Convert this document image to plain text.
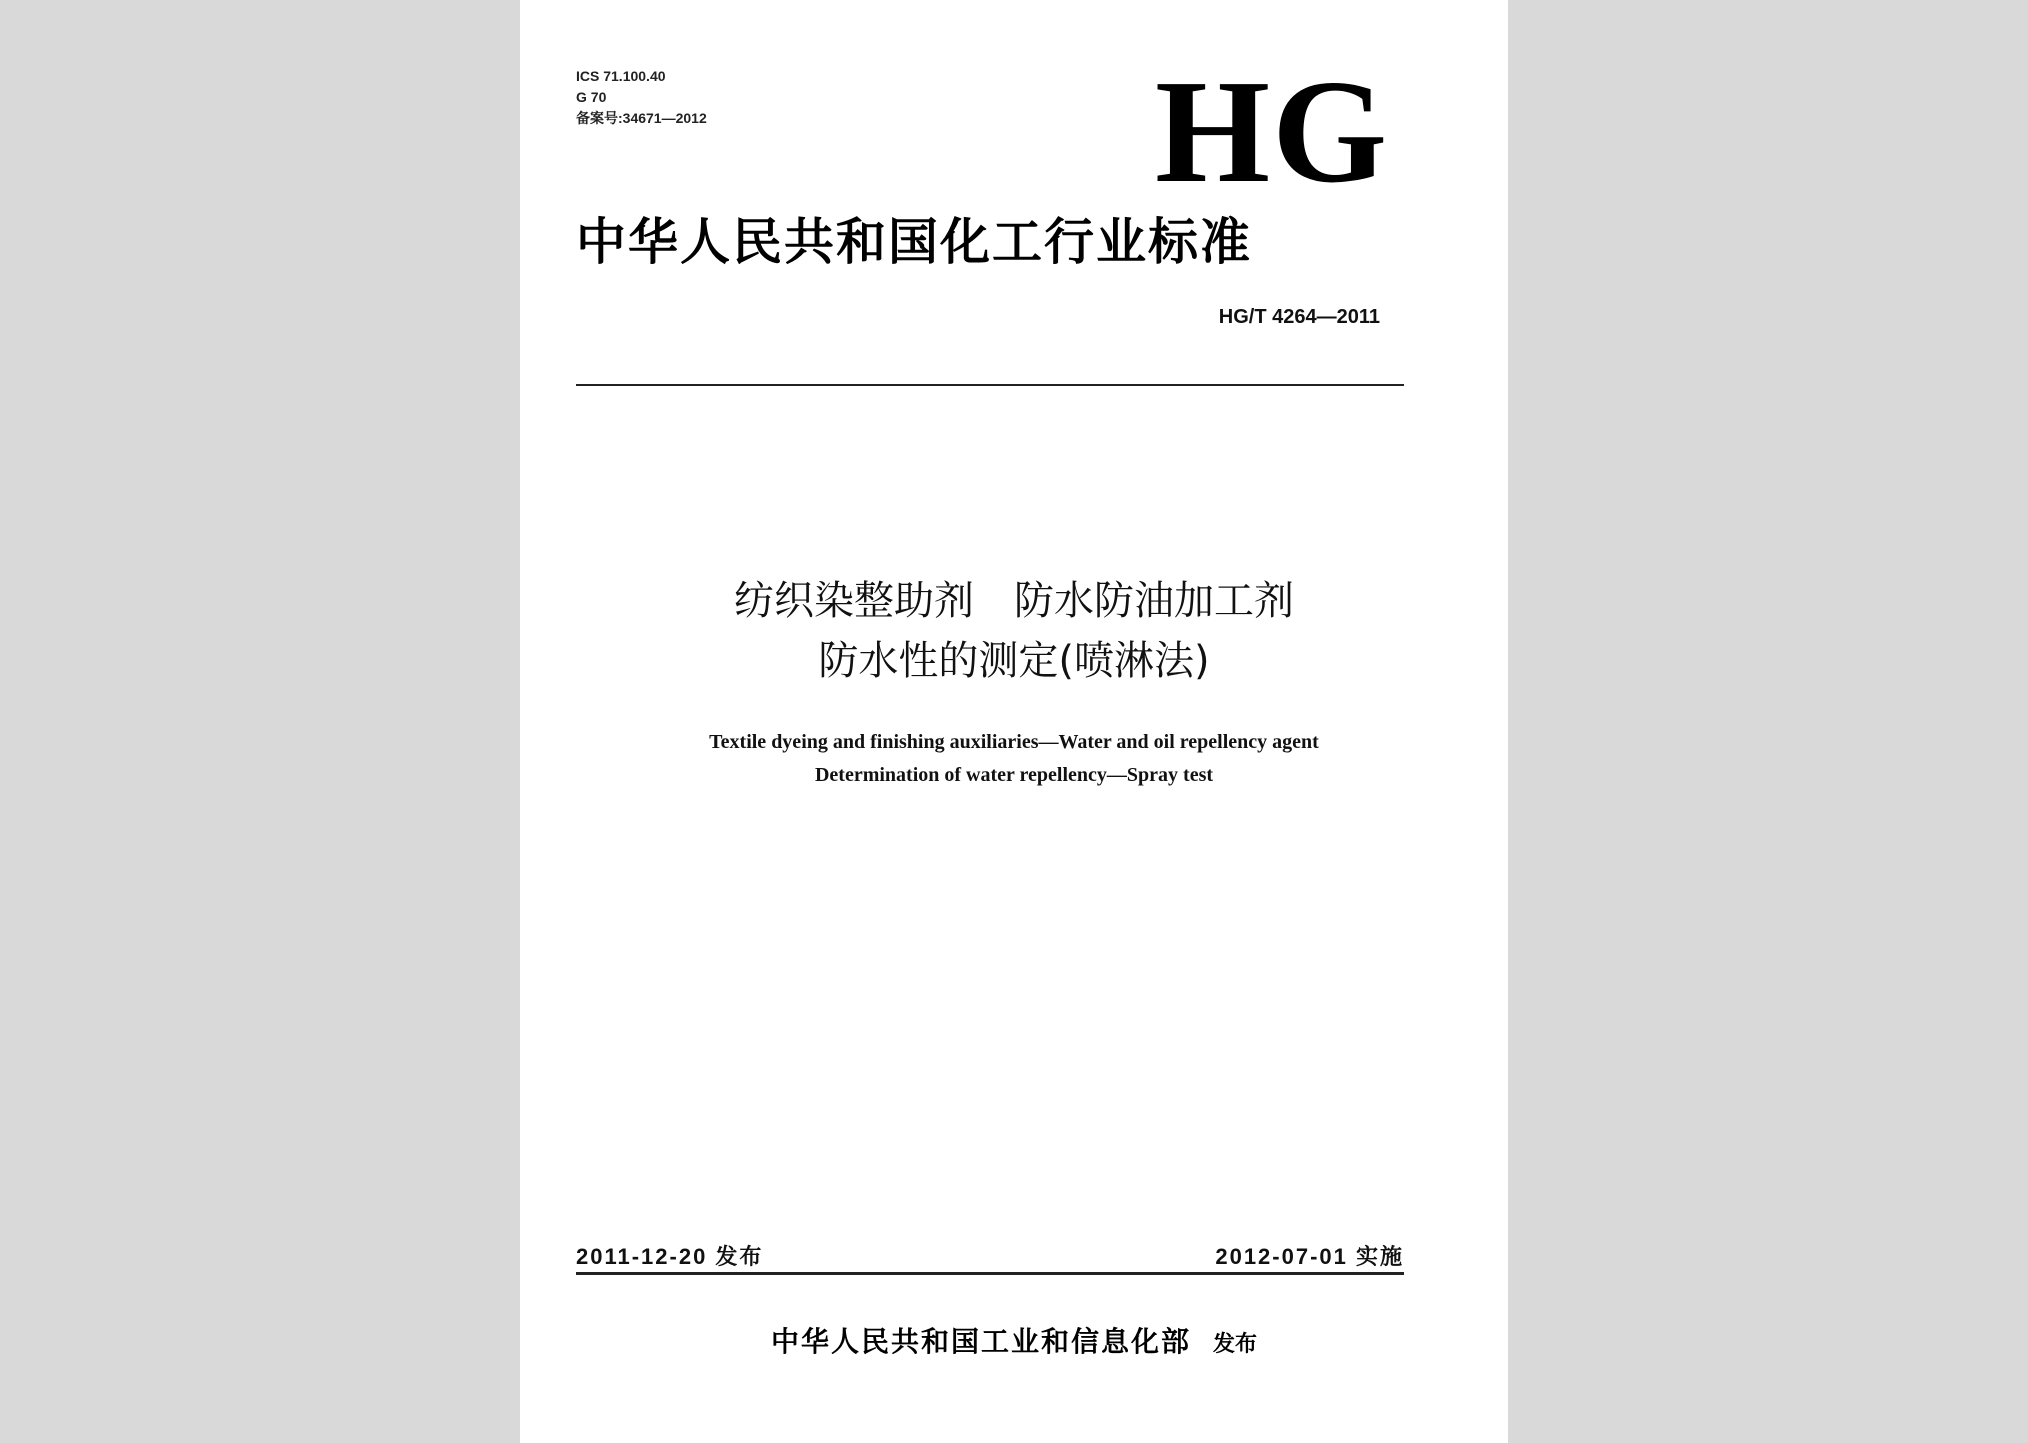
ICS 71.100.40
G 70
备案号:34671—2012	HG
中华人民共和国化工行业标准
HG/T 4264—2011
纺织染整助剂　防水防油加工剂
防水性的测定(喷淋法)
Textile dyeing and finishing auxiliaries—Water and oil repellency agent
Determination of water repellency—Spray test
2011-12-20 发布	2012-07-01 实施
中华人民共和国工业和信息化部 发布
